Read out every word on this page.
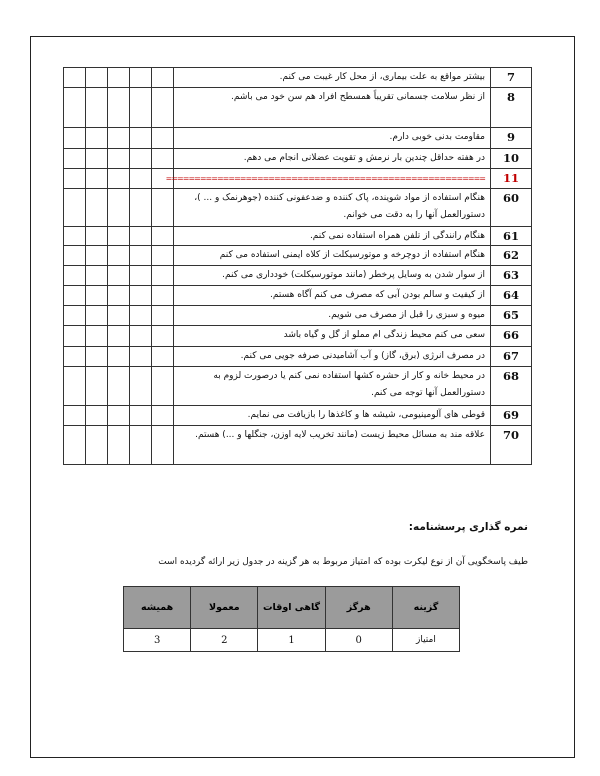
					بیشتر مواقع به علت بیماری، از محل کار غیبت می کنم.	7
					از نظر سلامت جسمانی تقریباً همسطح افراد هم سن خود می باشم.	8
					مقاومت بدنی خوبی دارم.	9
					در هفته حداقل چندین بار نرمش و تقویت عضلانی انجام می دهم.	10
					========================================================	11
					هنگام استفاده از مواد شوینده، پاک کننده و ضدعفونی کننده (جوهرنمک و ... )، دستورالعمل آنها را به دقت می خوانم.	60
					هنگام رانندگی از تلفن همراه استفاده نمی کنم.	61
					هنگام استفاده از دوچرخه و موتورسیکلت از کلاه ایمنی استفاده می کنم	62
					از سوار شدن به وسایل پرخطر (مانند موتورسیکلت) خودداری می کنم.	63
					از کیفیت و سالم بودن آبی که مصرف می کنم آگاه هستم.	64
					میوه و سبزی را قبل از مصرف می شویم.	65
					سعی می کنم محیط زندگی ام مملو از گل و گیاه باشد	66
					در مصرف انرژی (برق، گاز) و آب آشامیدنی صرفه جویی می کنم.	67
					در محیط خانه و کار از حشره کشها استفاده نمی کنم یا درصورت لزوم به دستورالعمل آنها توجه می کنم.	68
					قوطی های آلومینیومی، شیشه ها و کاغذها را بازیافت می نمایم.	69
					علاقه مند به مسائل محیط زیست (مانند تخریب لایه اوزن، جنگلها و ...) هستم.	70
نمره گذاری پرسشنامه:
طیف پاسخگویی آن از نوع لیکرت بوده که امتیاز مربوط به هر گزینه در جدول زیر ارائه گردیده است
گزینه	هرگز	گاهی اوقات	معمولا	همیشه
امتیاز	0	1	2	3
